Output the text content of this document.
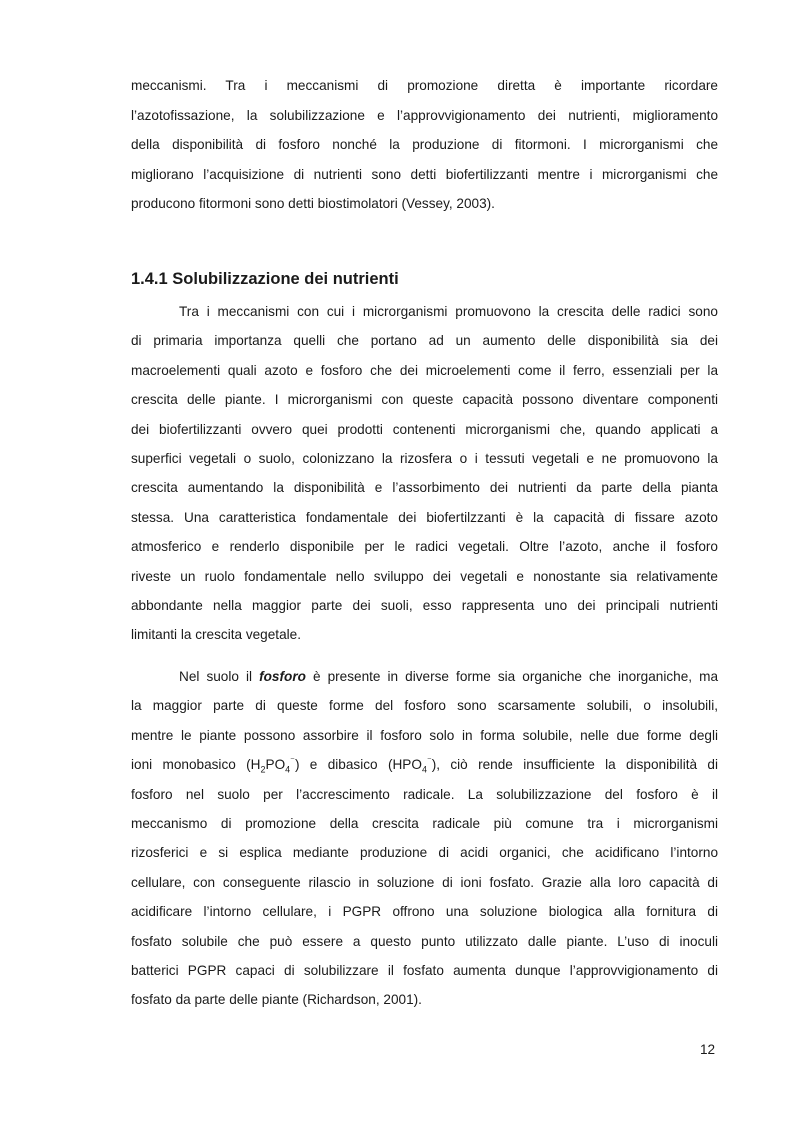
meccanismi. Tra i meccanismi di promozione diretta è importante ricordare
l’azotofissazione, la solubilizzazione e l’approvvigionamento dei nutrienti, miglioramento
della disponibilità di fosforo nonché la produzione di fitormoni. I microrganismi che
migliorano l’acquisizione di nutrienti sono detti biofertilizzanti mentre i microrganismi che
producono fitormoni sono detti biostimolatori (Vessey, 2003).
1.4.1 Solubilizzazione dei nutrienti
Tra i meccanismi con cui i microrganismi promuovono la crescita delle radici sono
di primaria importanza quelli che portano ad un aumento delle disponibilità sia dei
macroelementi quali azoto e fosforo che dei microelementi come il ferro, essenziali per la
crescita delle piante. I microrganismi con queste capacità possono diventare componenti
dei biofertilizzanti ovvero quei prodotti contenenti microrganismi che, quando applicati a
superfici vegetali o suolo, colonizzano la rizosfera o i tessuti vegetali e ne promuovono la
crescita aumentando la disponibilità e l’assorbimento dei nutrienti da parte della pianta
stessa. Una caratteristica fondamentale dei biofertilzzanti è la capacità di fissare azoto
atmosferico e renderlo disponibile per le radici vegetali. Oltre l’azoto, anche il fosforo
riveste un ruolo fondamentale nello sviluppo dei vegetali e nonostante sia relativamente
abbondante nella maggior parte dei suoli, esso rappresenta uno dei principali nutrienti
limitanti la crescita vegetale.
Nel suolo il fosforo è presente in diverse forme sia organiche che inorganiche, ma
la maggior parte di queste forme del fosforo sono scarsamente solubili, o insolubili,
mentre le piante possono assorbire il fosforo solo in forma solubile, nelle due forme degli
ioni monobasico $(H_2PO_4^{^-})$ e dibasico $(HPO_4^{^-})$, ciò rende insufficiente la disponibilità di
fosforo nel suolo per l’accrescimento radicale. La solubilizzazione del fosforo è il
meccanismo di promozione della crescita radicale più comune tra i microrganismi
rizosferici e si esplica mediante produzione di acidi organici, che acidificano l’intorno
cellulare, con conseguente rilascio in soluzione di ioni fosfato. Grazie alla loro capacità di
acidificare l’intorno cellulare, i PGPR offrono una soluzione biologica alla fornitura di
fosfato solubile che può essere a questo punto utilizzato dalle piante. L’uso di inoculi
batterici PGPR capaci di solubilizzare il fosfato aumenta dunque l’approvvigionamento di
fosfato da parte delle piante (Richardson, 2001).
12
